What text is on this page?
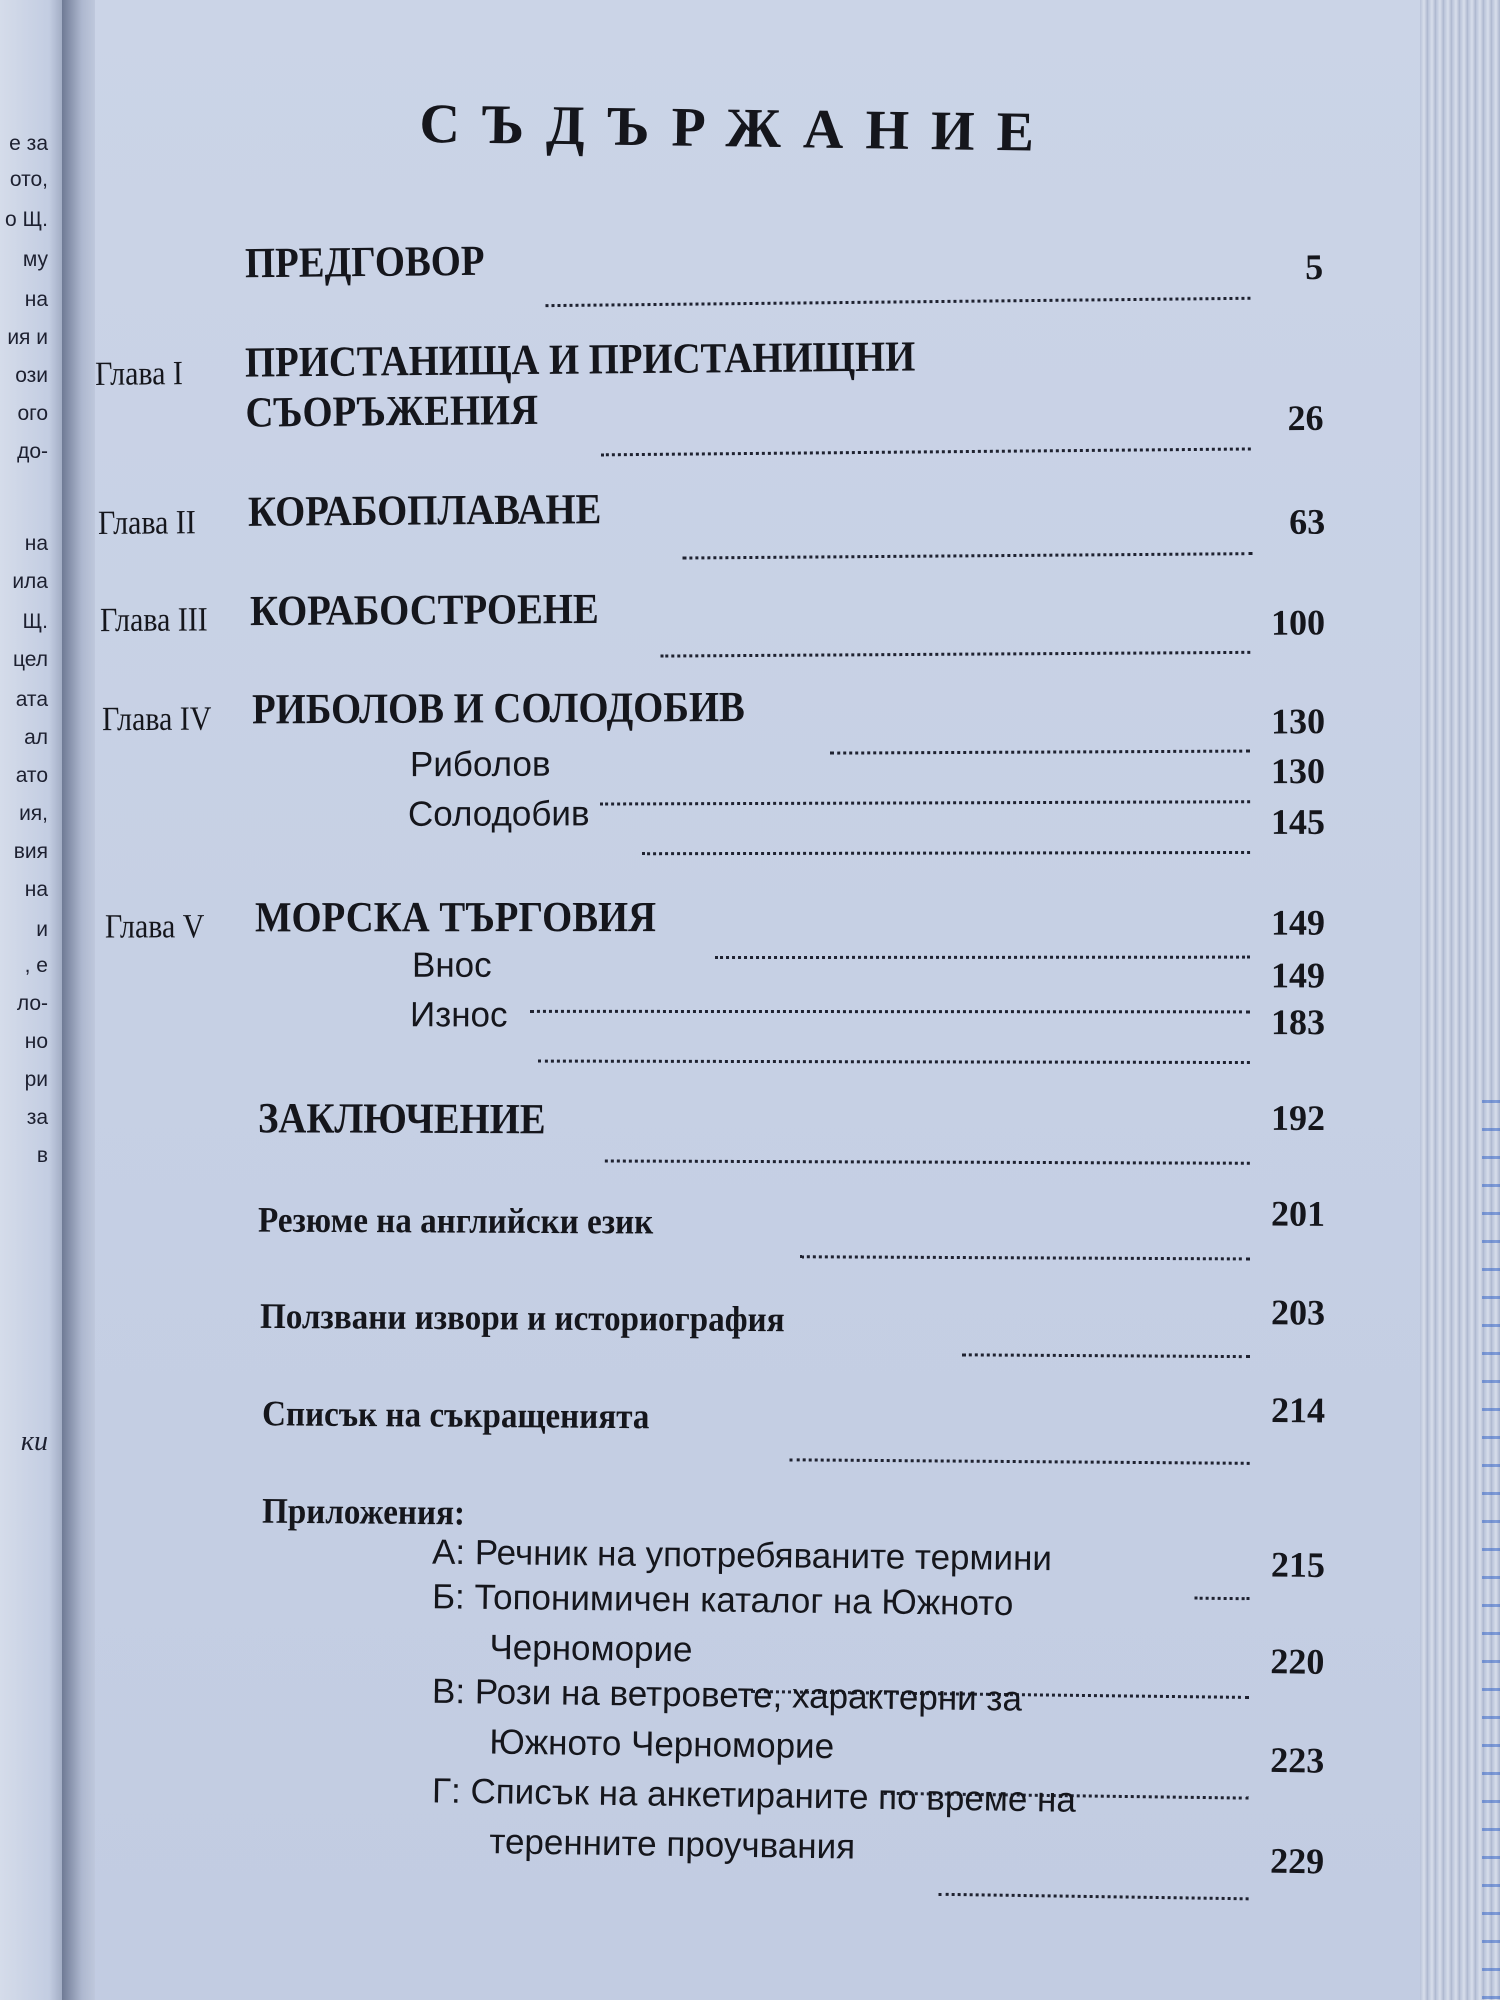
е за
ото,
о Щ.
му
на
ия и
ози
ого
до-
на
ила
Щ.
цел
ата
ал
ато
ия,
вия
на
и
, е
ло-
но
ри
за
в
ки
СЪДЪРЖАНИЕ
ПРЕДГОВОР	5
Глава I ПРИСТАНИЩА И ПРИСТАНИЩНИ
СЪОРЪЖЕНИЯ	26
Глава II КОРАБОПЛАВАНЕ	63
Глава III КОРАБОСТРОЕНЕ	100
Глава IV РИБОЛОВ И СОЛОДОБИВ	130
Риболов	130
Солодобив	145
Глава V МОРСКА ТЪРГОВИЯ	149
Внос	149
Износ	183
ЗАКЛЮЧЕНИЕ	192
Резюме на английски език	201
Ползвани извори и историография	203
Списък на съкращенията	214
Приложения:
А: Речник на употребяваните термини	215
Б: Топонимичен каталог на Южното
Черноморие	220
В: Рози на ветровете, характерни за
Южното Черноморие	223
Г: Списък на анкетираните по време на
теренните проучвания	229
